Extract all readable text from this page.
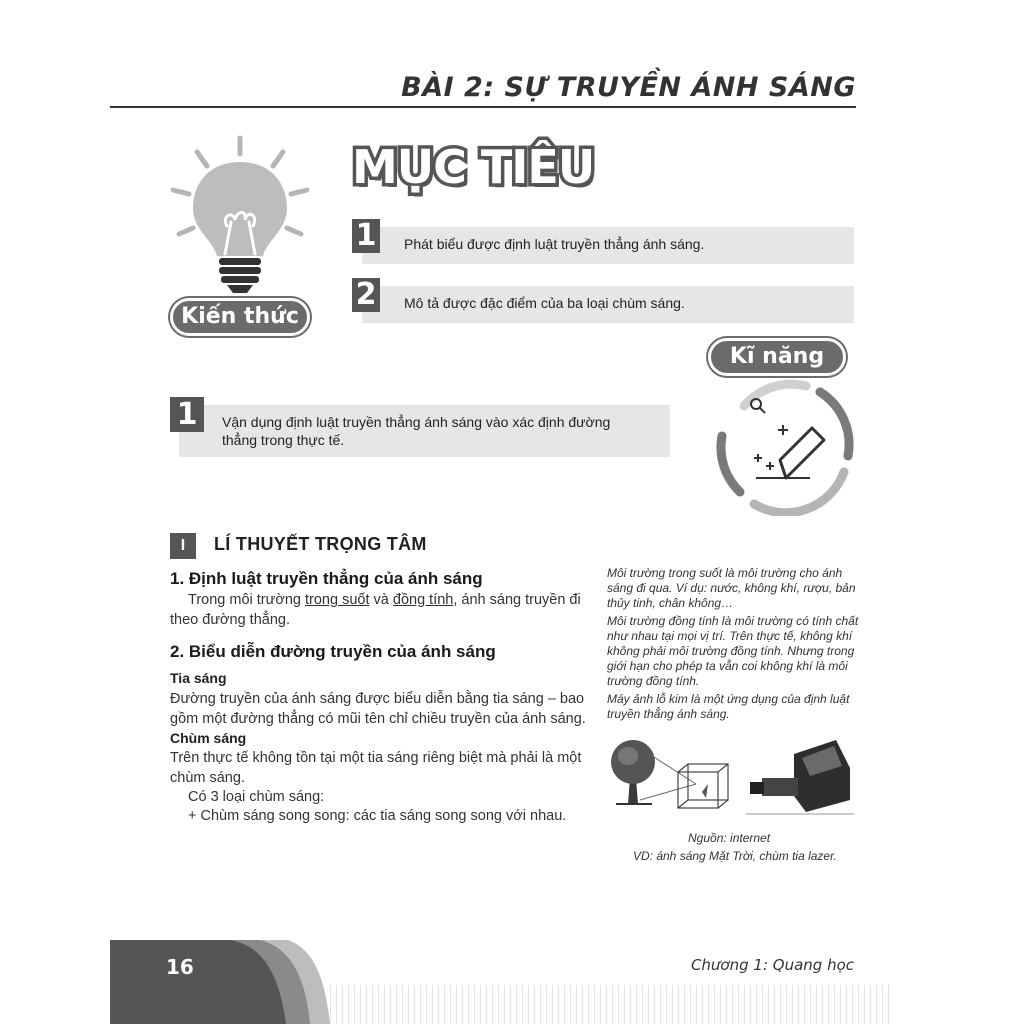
BÀI 2: SỰ TRUYỀN ÁNH SÁNG
Kiến thức
MỤC TIÊU
1 Phát biểu được định luật truyền thẳng ánh sáng.
2 Mô tả được đặc điểm của ba loại chùm sáng.
Kĩ năng
1	Vận dụng định luật truyền thẳng ánh sáng vào xác định đường
thẳng trong thực tế.
I	LÍ THUYẾT TRỌNG TÂM
1. Định luật truyền thẳng của ánh sáng
Trong môi trường trong suốt và đồng tính, ánh sáng truyền đi
theo đường thẳng.
2. Biểu diễn đường truyền của ánh sáng
Tia sáng
Đường truyền của ánh sáng được biểu diễn bằng tia sáng – bao
gồm một đường thẳng có mũi tên chỉ chiều truyền của ánh sáng.
Chùm sáng
Trên thực tế không tồn tại một tia sáng riêng biệt mà phải là một
chùm sáng.
Có 3 loại chùm sáng:
+ Chùm sáng song song: các tia sáng song song với nhau.

Môi trường trong suốt là môi trường cho ánh
sáng đi qua. Ví dụ: nước, không khí, rượu, bản
thủy tinh, chân không…

Môi trường đồng tính là môi trường có tính chất
như nhau tại mọi vị trí. Trên thực tế, không khí
không phải môi trường đồng tính. Nhưng trong
giới hạn cho phép ta vẫn coi không khí là môi
trường đồng tính.

Máy ảnh lỗ kim là một ứng dụng của định luật
truyền thẳng ánh sáng.

Nguồn: internet
VD: ánh sáng Mặt Trời, chùm tia lazer.
16	Chương 1: Quang học
